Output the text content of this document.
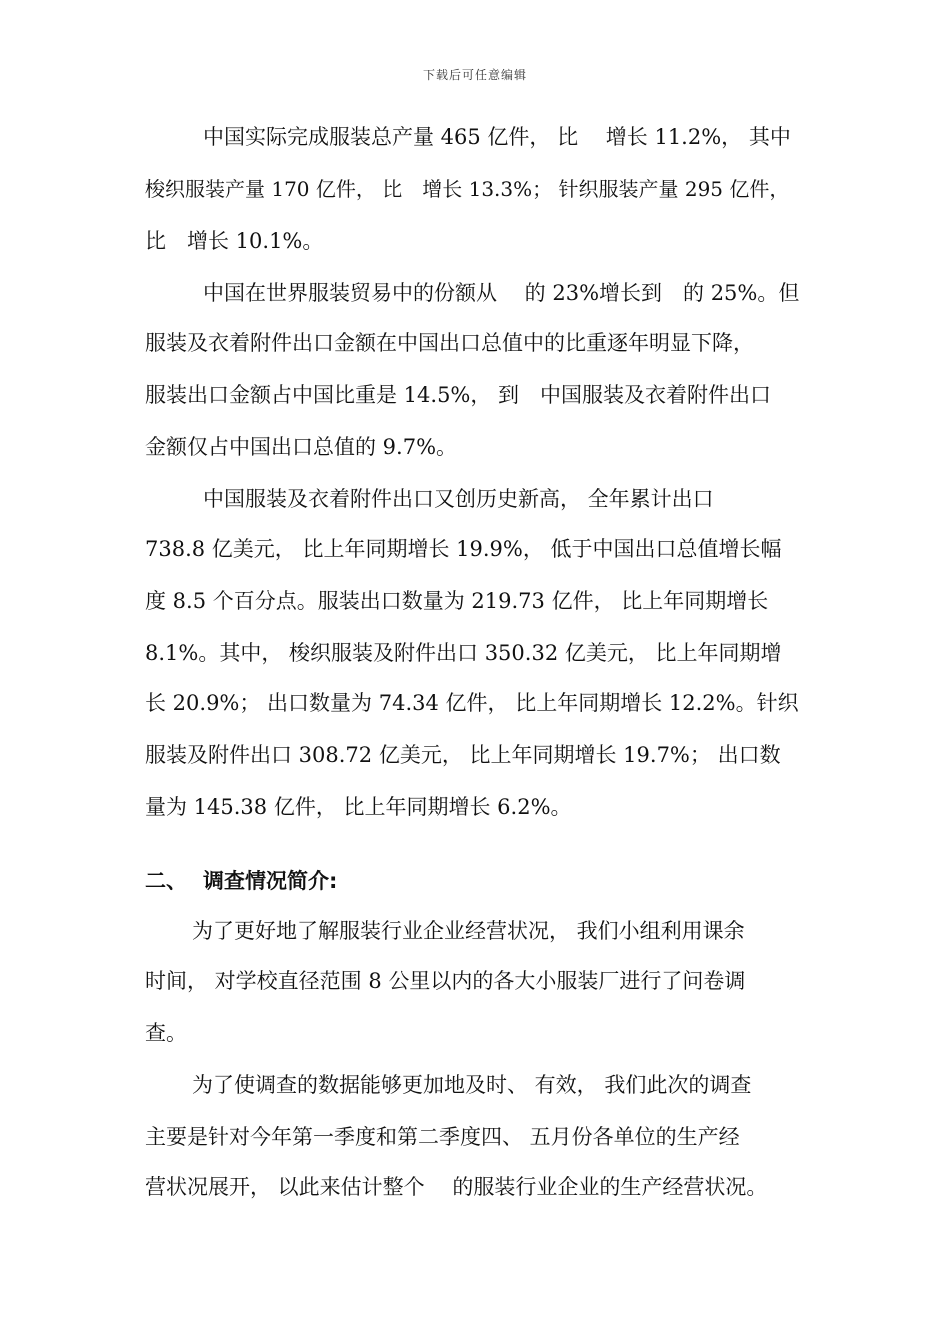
下载后可任意编辑
中国实际完成服装总产量 465 亿件， 比　 增长 11.2%， 其中
梭织服装产量 170 亿件， 比　增长 13.3%； 针织服装产量 295 亿件，
比　增长 10.1%。
中国在世界服装贸易中的份额从　 的 23%增长到　的 25%。但
服装及衣着附件出口金额在中国出口总值中的比重逐年明显下降，
服装出口金额占中国比重是 14.5%， 到　中国服装及衣着附件出口
金额仅占中国出口总值的 9.7%。
中国服装及衣着附件出口又创历史新高， 全年累计出口
738.8 亿美元， 比上年同期增长 19.9%， 低于中国出口总值增长幅
度 8.5 个百分点。服装出口数量为 219.73 亿件， 比上年同期增长
8.1%。其中， 梭织服装及附件出口 350.32 亿美元， 比上年同期增
长 20.9%； 出口数量为 74.34 亿件， 比上年同期增长 12.2%。针织
服装及附件出口 308.72 亿美元， 比上年同期增长 19.7%； 出口数
量为 145.38 亿件， 比上年同期增长 6.2%。
二、 调查情况简介:
为了更好地了解服装行业企业经营状况， 我们小组利用课余
时间， 对学校直径范围 8 公里以内的各大小服装厂进行了问卷调
查。
为了使调查的数据能够更加地及时、 有效， 我们此次的调查
主要是针对今年第一季度和第二季度四、 五月份各单位的生产经
营状况展开， 以此来估计整个　 的服装行业企业的生产经营状况。
